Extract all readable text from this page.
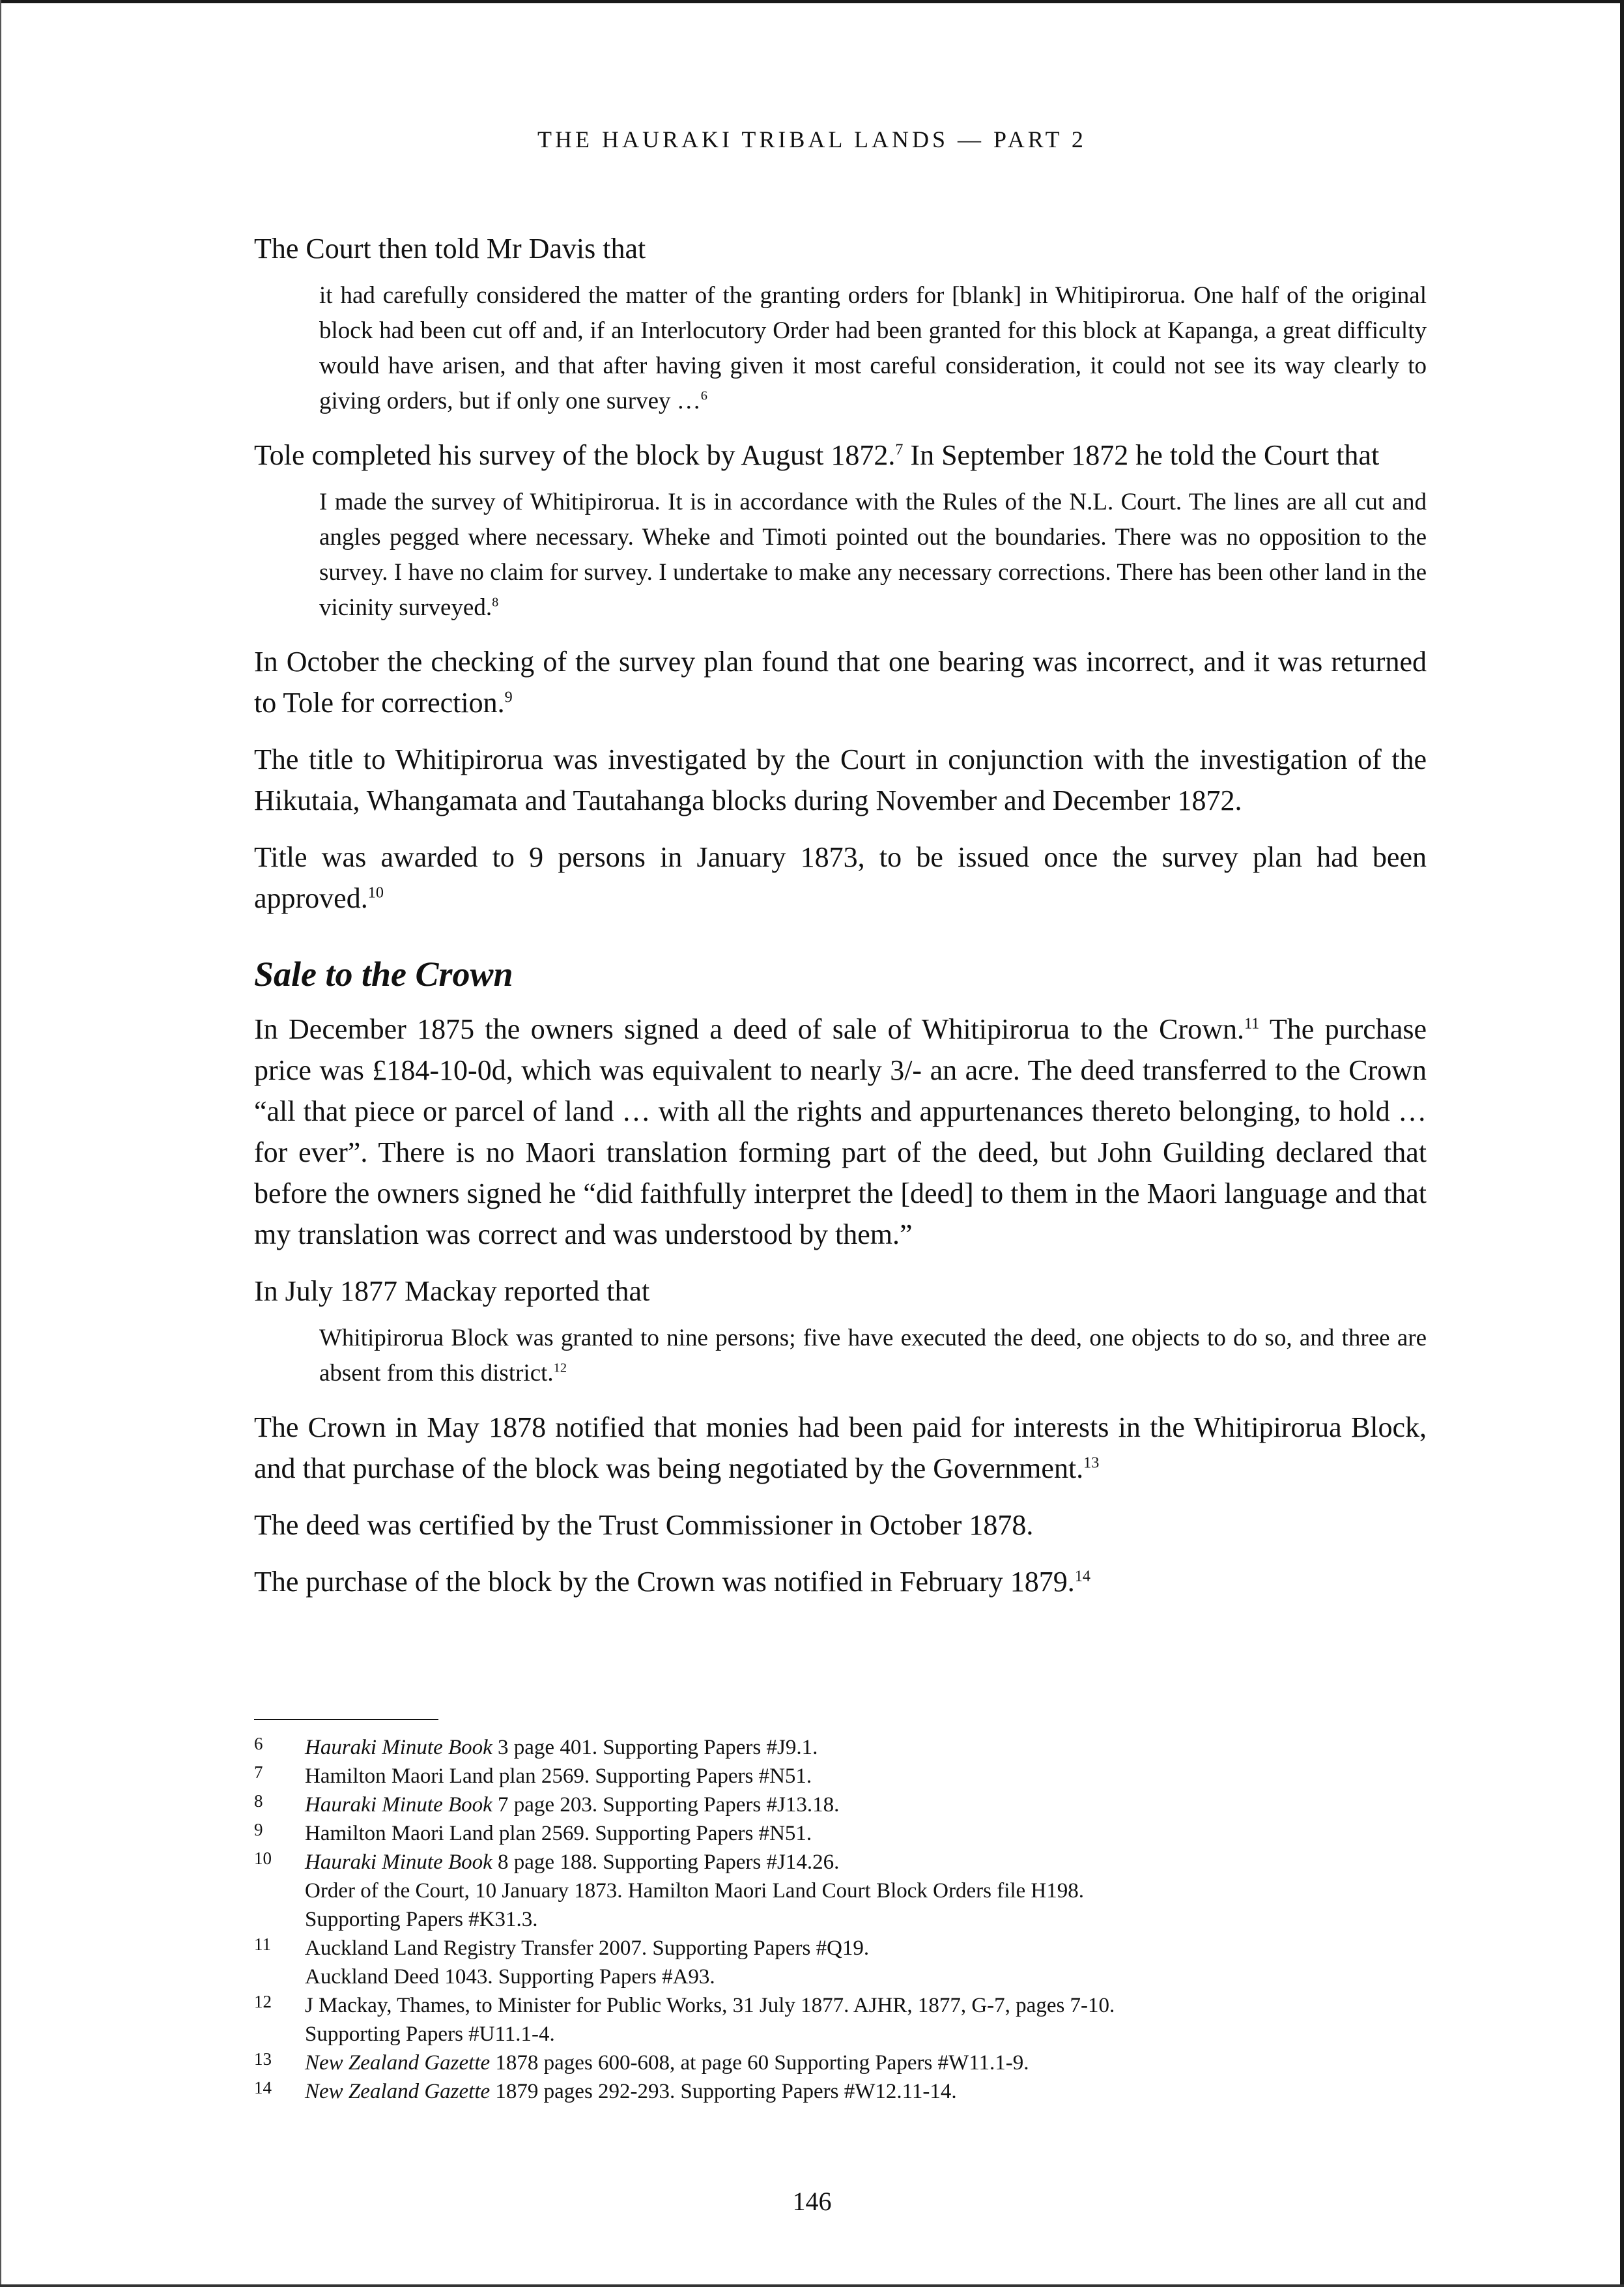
THE HAURAKI TRIBAL LANDS — PART 2

The Court then told Mr Davis that

it had carefully considered the matter of the granting orders for [blank] in Whitipirorua. One half of the original block had been cut off and, if an Interlocutory Order had been granted for this block at Kapanga, a great difficulty would have arisen, and that after having given it most careful consideration, it could not see its way clearly to giving orders, but if only one survey …$^6$

Tole completed his survey of the block by August 1872.$^7$ In September 1872 he told the Court that

I made the survey of Whitipirorua. It is in accordance with the Rules of the N.L. Court. The lines are all cut and angles pegged where necessary. Wheke and Timoti pointed out the boundaries. There was no opposition to the survey. I have no claim for survey. I undertake to make any necessary corrections. There has been other land in the vicinity surveyed.$^8$

In October the checking of the survey plan found that one bearing was incorrect, and it was returned to Tole for correction.$^9$

The title to Whitipirorua was investigated by the Court in conjunction with the investigation of the Hikutaia, Whangamata and Tautahanga blocks during November and December 1872.

Title was awarded to 9 persons in January 1873, to be issued once the survey plan had been approved.$^{10}$

Sale to the Crown

In December 1875 the owners signed a deed of sale of Whitipirorua to the Crown.$^{11}$ The purchase price was £184-10-0d, which was equivalent to nearly 3/- an acre. The deed transferred to the Crown “all that piece or parcel of land … with all the rights and appurtenances thereto belonging, to hold … for ever”. There is no Maori translation forming part of the deed, but John Guilding declared that before the owners signed he “did faithfully interpret the [deed] to them in the Maori language and that my translation was correct and was understood by them.”

In July 1877 Mackay reported that

Whitipirorua Block was granted to nine persons; five have executed the deed, one objects to do so, and three are absent from this district.$^{12}$

The Crown in May 1878 notified that monies had been paid for interests in the Whitipirorua Block, and that purchase of the block was being negotiated by the Government.$^{13}$

The deed was certified by the Trust Commissioner in October 1878.

The purchase of the block by the Crown was notified in February 1879.14

6	Hauraki Minute Book 3 page 401. Supporting Papers #J9.1.
7	Hamilton Maori Land plan 2569. Supporting Papers #N51.
8	Hauraki Minute Book 7 page 203. Supporting Papers #J13.18.
9	Hamilton Maori Land plan 2569. Supporting Papers #N51.
10	Hauraki Minute Book 8 page 188. Supporting Papers #J14.26.
Order of the Court, 10 January 1873. Hamilton Maori Land Court Block Orders file H198.
Supporting Papers #K31.3.
11	Auckland Land Registry Transfer 2007. Supporting Papers #Q19.
Auckland Deed 1043. Supporting Papers #A93.
12	J Mackay, Thames, to Minister for Public Works, 31 July 1877. AJHR, 1877, G-7, pages 7-10.
Supporting Papers #U11.1-4.
13	New Zealand Gazette 1878 pages 600-608, at page 60 Supporting Papers #W11.1-9.
14	New Zealand Gazette 1879 pages 292-293. Supporting Papers #W12.11-14.
146
